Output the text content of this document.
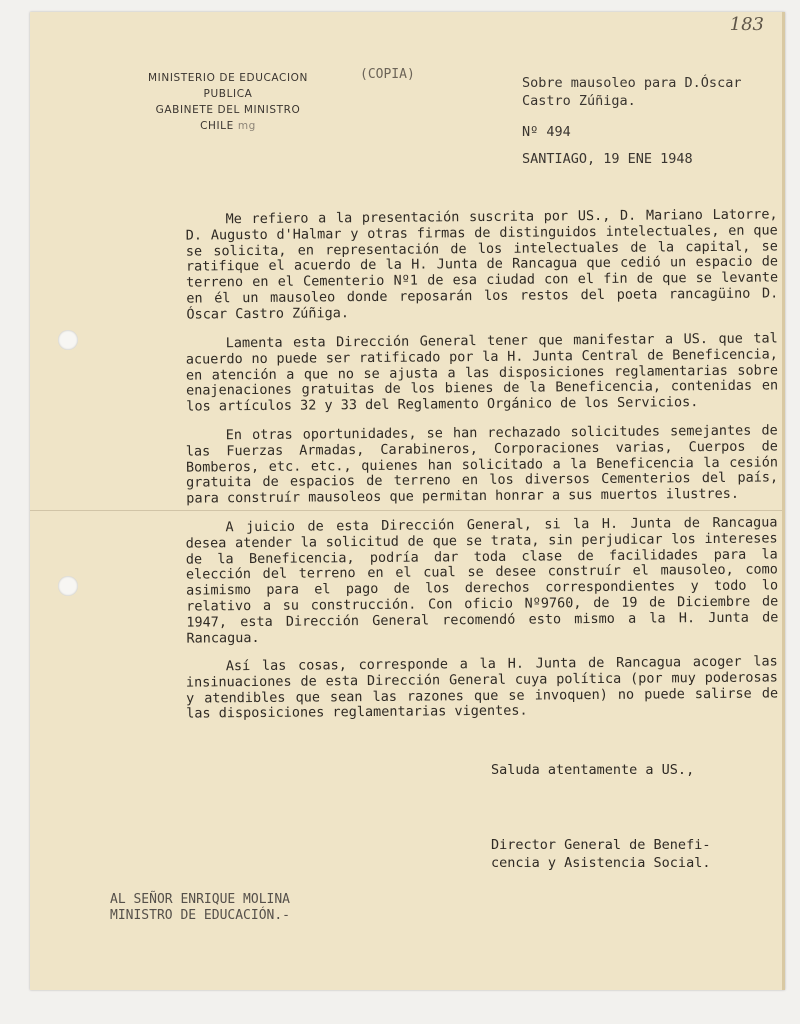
183
MINISTERIO DE EDUCACION PUBLICA
GABINETE DEL MINISTRO
CHILE mg
(COPIA)
Sobre mausoleo para D.Óscar
Castro Zúñiga.
Nº 494
SANTIAGO, 19 ENE 1948

Me refiero a la presentación suscrita por US., D. Mariano Latorre, D. Augusto d'Halmar y otras firmas de distinguidos intelectuales, en que se solicita, en representación de los intelectuales de la capital, se ratifique el acuerdo de la H. Junta de Rancagua que cedió un espacio de terreno en el Cementerio Nº1 de esa ciudad con el fin de que se levante en él un mausoleo donde reposarán los restos del poeta rancagüino D. Óscar Castro Zúñiga.

Lamenta esta Dirección General tener que manifestar a US. que tal acuerdo no puede ser ratificado por la H. Junta Central de Beneficencia, en atención a que no se ajusta a las disposiciones reglamentarias sobre enajenaciones gratuitas de los bienes de la Beneficencia, contenidas en los artículos 32 y 33 del Reglamento Orgánico de los Servicios.

En otras oportunidades, se han rechazado solicitudes semejantes de las Fuerzas Armadas, Carabineros, Corporaciones varias, Cuerpos de Bomberos, etc. etc., quienes han solicitado a la Beneficencia la cesión gratuita de espacios de terreno en los diversos Cementerios del país, para construír mausoleos que permitan honrar a sus muertos ilustres.

A juicio de esta Dirección General, si la H. Junta de Rancagua desea atender la solicitud de que se trata, sin perjudicar los intereses de la Beneficencia, podría dar toda clase de facilidades para la elección del terreno en el cual se desee construír el mausoleo, como asimismo para el pago de los derechos correspondientes y todo lo relativo a su construcción. Con oficio Nº9760, de 19 de Diciembre de 1947, esta Dirección General recomendó esto mismo a la H. Junta de Rancagua.

Así las cosas, corresponde a la H. Junta de Rancagua acoger las insinuaciones de esta Dirección General cuya política (por muy poderosas y atendibles que sean las razones que se invoquen) no puede salirse de las disposiciones reglamentarias vigentes.

Saluda atentamente a US.,
Director General de Benefi-
cencia y Asistencia Social.
AL SEÑOR ENRIQUE MOLINA
MINISTRO DE EDUCACIÓN.-
